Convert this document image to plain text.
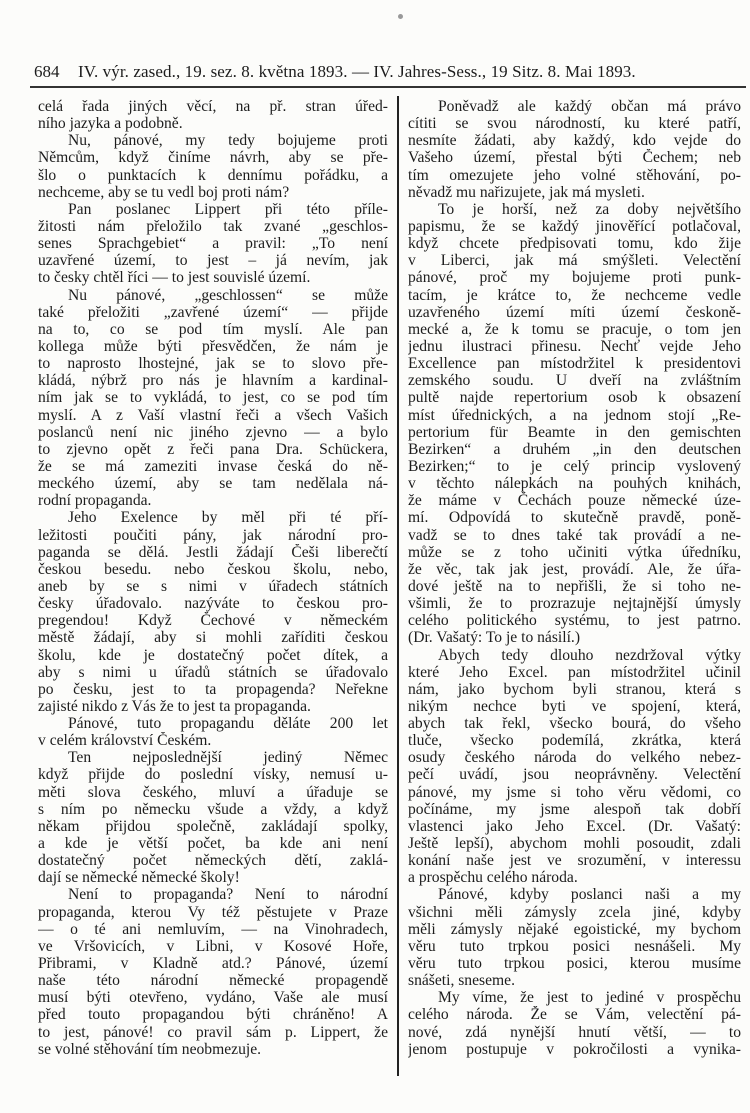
684 IV. výr. zased., 19. sez. 8. května 1893. — IV. Jahres-Sess., 19 Sitz. 8. Mai 1893.
celá řada jiných věcí, na př. stran úřed-
ního jazyka a podobně.
Nu, pánové, my tedy bojujeme proti
Němcům, když činíme návrh, aby se pře-
šlo o punktacích k dennímu pořádku, a
nechceme, aby se tu vedl boj proti nám?
Pan poslanec Lippert při této příle-
žitosti nám přeložilo tak zvané „geschlos-
senes Sprachgebiet“ a pravil: „To není
uzavřené území, to jest – já nevím, jak
to česky chtěl říci — to jest souvislé území.
Nu pánové, „geschlossen“ se může
také přeložiti „zavřené území“ — přijde
na to, co se pod tím myslí. Ale pan
kollega může býti přesvědčen, že nám je
to naprosto lhostejné, jak se to slovo pře-
kládá, nýbrž pro nás je hlavním a kardinal-
ním jak se to vykládá, to jest, co se pod tím
myslí. A z Vaší vlastní řeči a všech Vašich
poslanců není nic jiného zjevno — a bylo
to zjevno opět z řeči pana Dra. Schückera,
že se má zameziti invase česká do ně-
meckého území, aby se tam nedělala ná-
rodní propaganda.
Jeho Exelence by měl při té pří-
ležitosti poučiti pány, jak národní pro-
paganda se dělá. Jestli žádají Češi liberečtí
českou besedu. nebo českou školu, nebo,
aneb by se s nimi v úřadech státních
česky úřadovalo. nazýváte to českou pro-
pregendou! Když Čechové v německém
městě žádají, aby si mohli zaříditi českou
školu, kde je dostatečný počet dítek, a
aby s nimi u úřadů státních se úřadovalo
po česku, jest to ta propagenda? Neřekne
zajisté nikdo z Vás že to jest ta propaganda.
Pánové, tuto propagandu děláte 200 let
v celém království Českém.
Ten nejposlednější jediný Němec
když přijde do poslední vísky, nemusí u-
měti slova českého, mluví a úřaduje se
s ním po německu všude a vždy, a když
někam přijdou společně, zakládají spolky,
a kde je větší počet, ba kde ani není
dostatečný počet německých dětí, zaklá-
dají se německé německé školy!
Není to propaganda? Není to národní
propaganda, kterou Vy též pěstujete v Praze
— o té ani nemluvím, — na Vinohradech,
ve Vršovicích, v Libni, v Kosové Hoře,
Přibrami, v Kladně atd.? Pánové, území
naše této národní německé propagendě
musí býti otevřeno, vydáno, Vaše ale musí
před touto propagandou býti chráněno! A
to jest, pánové! co pravil sám p. Lippert, že
se volné stěhování tím neobmezuje.
Poněvadž ale každý občan má právo
cítiti se svou národností, ku které patří,
nesmíte žádati, aby každý, kdo vejde do
Vašeho území, přestal býti Čechem; neb
tím omezujete jeho volné stěhování, po-
něvadž mu nařizujete, jak má mysleti.
To je horší, než za doby největšího
papismu, že se každý jinověřící potlačoval,
když chcete předpisovati tomu, kdo žije
v Liberci, jak má smýšleti. Velectění
pánové, proč my bojujeme proti punk-
tacím, je krátce to, že nechceme vedle
uzavřeného území míti území českoně-
mecké a, že k tomu se pracuje, o tom jen
jednu ilustraci přinesu. Nechť vejde Jeho
Excellence pan místodržitel k presidentovi
zemského soudu. U dveří na zvláštním
pultě najde repertorium osob k obsazení
míst úřednických, a na jednom stojí „Re-
pertorium für Beamte in den gemischten
Bezirken“ a druhém „in den deutschen
Bezirken;“ to je celý princip vyslovený
v těchto nálepkách na pouhých knihách,
že máme v Čechách pouze německé úze-
mí. Odpovídá to skutečně pravdě, poně-
vadž se to dnes také tak provádí a ne-
může se z toho učiniti výtka úředníku,
že věc, tak jak jest, provádí. Ale, že úřa-
dové ještě na to nepřišli, že si toho ne-
všimli, že to prozrazuje nejtajnější úmysly
celého politického systému, to jest patrno.
(Dr. Vašatý: To je to násilí.)
Abych tedy dlouho nezdržoval výtky
které Jeho Excel. pan místodržitel učinil
nám, jako bychom byli stranou, která s
nikým nechce byti ve spojení, která,
abych tak řekl, všecko bourá, do všeho
tluče, všecko podemílá, zkrátka, která
osudy českého národa do velkého nebez-
pečí uvádí, jsou neoprávněny. Velectění
pánové, my jsme si toho věru vědomi, co
počínáme, my jsme alespoň tak dobří
vlastenci jako Jeho Excel. (Dr. Vašatý:
Ještě lepší), abychom mohli posoudit, zdali
konání naše jest ve srozumění, v interessu
a prospěchu celého národa.
Pánové, kdyby poslanci naši a my
všichni měli zámysly zcela jiné, kdyby
měli zámysly nějaké egoistické, my bychom
věru tuto trpkou posici nesnášeli. My
věru tuto trpkou posici, kterou musíme
snášeti, sneseme.
My víme, že jest to jediné v prospěchu
celého národa. Že se Vám, velectění pá-
nové, zdá nynější hnutí větší, — to
jenom postupuje v pokročilosti a vynika-
